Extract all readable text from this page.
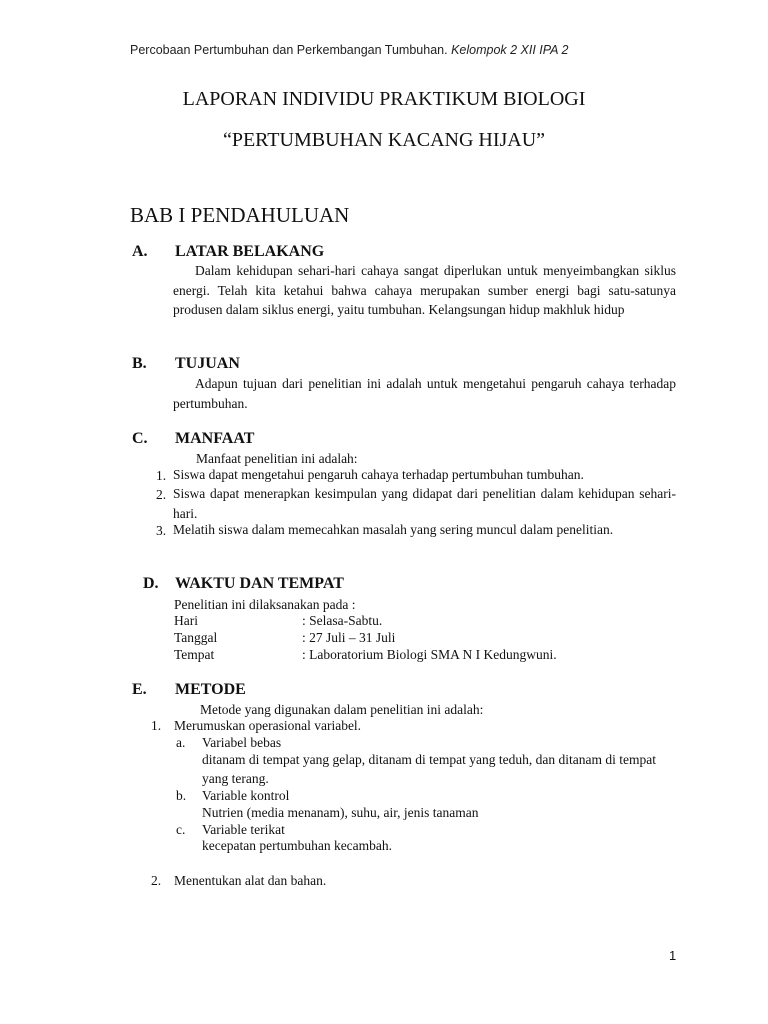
Percobaan Pertumbuhan dan Perkembangan Tumbuhan. Kelompok 2 XII IPA 2
LAPORAN INDIVIDU PRAKTIKUM BIOLOGI
“PERTUMBUHAN KACANG HIJAU”
BAB I PENDAHULUAN
A. LATAR BELAKANG
Dalam kehidupan sehari-hari cahaya sangat diperlukan untuk menyeimbangkan siklus energi. Telah kita ketahui bahwa cahaya merupakan sumber energi bagi satu-satunya produsen dalam siklus energi, yaitu tumbuhan. Kelangsungan hidup makhluk hidup
B. TUJUAN
Adapun tujuan dari penelitian ini adalah untuk mengetahui pengaruh cahaya terhadap pertumbuhan.
C. MANFAAT
Manfaat penelitian ini adalah:
1. Siswa dapat mengetahui pengaruh cahaya terhadap pertumbuhan tumbuhan.
2. Siswa dapat menerapkan kesimpulan yang didapat dari penelitian dalam kehidupan sehari-hari.
3. Melatih siswa dalam memecahkan masalah yang sering muncul dalam penelitian.
D. WAKTU DAN TEMPAT
Penelitian ini dilaksanakan pada :
Hari	: Selasa-Sabtu.
Tanggal	: 27 Juli – 31 Juli
Tempat	: Laboratorium Biologi SMA N I Kedungwuni.
E. METODE
Metode yang digunakan dalam penelitian ini adalah:
1. Merumuskan operasional variabel.
a. Variabel bebas
ditanam di tempat yang gelap, ditanam di tempat yang teduh, dan ditanam di tempat yang terang.
b. Variable kontrol
Nutrien (media menanam), suhu, air, jenis tanaman
c. Variable terikat
kecepatan pertumbuhan kecambah.
2. Menentukan alat dan bahan.
1
